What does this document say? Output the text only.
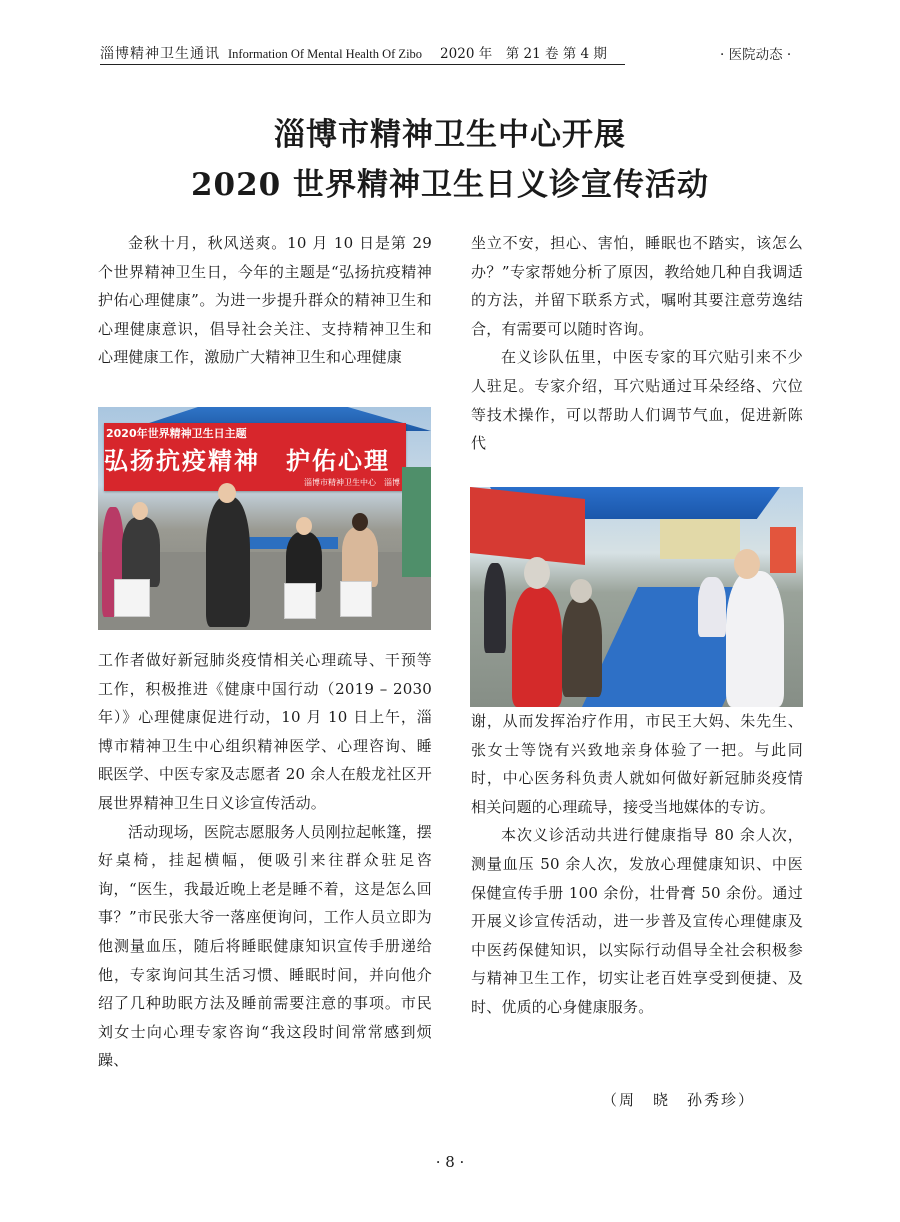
淄博精神卫生通讯 Information Of Mental Health Of Zibo 2020 年　第 21 卷 第 4 期	· 医院动态 ·
淄博市精神卫生中心开展
2020 世界精神卫生日义诊宣传活动

金秋十月，秋风送爽。10 月 10 日是第 29 个世界精神卫生日，今年的主题是“弘扬抗疫精神护佑心理健康”。为进一步提升群众的精神卫生和心理健康意识，倡导社会关注、支持精神卫生和心理健康工作，激励广大精神卫生和心理健康

2020年世界精神卫生日主题
弘扬抗疫精神　护佑心理
淄博市精神卫生中心　淄博

工作者做好新冠肺炎疫情相关心理疏导、干预等工作，积极推进《健康中国行动（2019 – 2030 年）》心理健康促进行动，10 月 10 日上午，淄博市精神卫生中心组织精神医学、心理咨询、睡眠医学、中医专家及志愿者 20 余人在般龙社区开展世界精神卫生日义诊宣传活动。

活动现场，医院志愿服务人员刚拉起帐篷，摆好桌椅，挂起横幅，便吸引来往群众驻足咨询，“医生，我最近晚上老是睡不着，这是怎么回事？”市民张大爷一落座便询问，工作人员立即为他测量血压，随后将睡眠健康知识宣传手册递给他，专家询问其生活习惯、睡眠时间，并向他介绍了几种助眠方法及睡前需要注意的事项。市民刘女士向心理专家咨询“我这段时间常常感到烦躁、

坐立不安，担心、害怕，睡眠也不踏实，该怎么办？”专家帮她分析了原因，教给她几种自我调适的方法，并留下联系方式，嘱咐其要注意劳逸结合，有需要可以随时咨询。

在义诊队伍里，中医专家的耳穴贴引来不少人驻足。专家介绍，耳穴贴通过耳朵经络、穴位等技术操作，可以帮助人们调节气血，促进新陈代

谢，从而发挥治疗作用，市民王大妈、朱先生、张女士等饶有兴致地亲身体验了一把。与此同时，中心医务科负责人就如何做好新冠肺炎疫情相关问题的心理疏导，接受当地媒体的专访。

本次义诊活动共进行健康指导 80 余人次，测量血压 50 余人次，发放心理健康知识、中医保健宣传手册 100 余份，壮骨膏 50 余份。通过开展义诊宣传活动，进一步普及宣传心理健康及中医药保健知识，以实际行动倡导全社会积极参与精神卫生工作，切实让老百姓享受到便捷、及时、优质的心身健康服务。

（周　晓　孙秀珍）
· 8 ·
